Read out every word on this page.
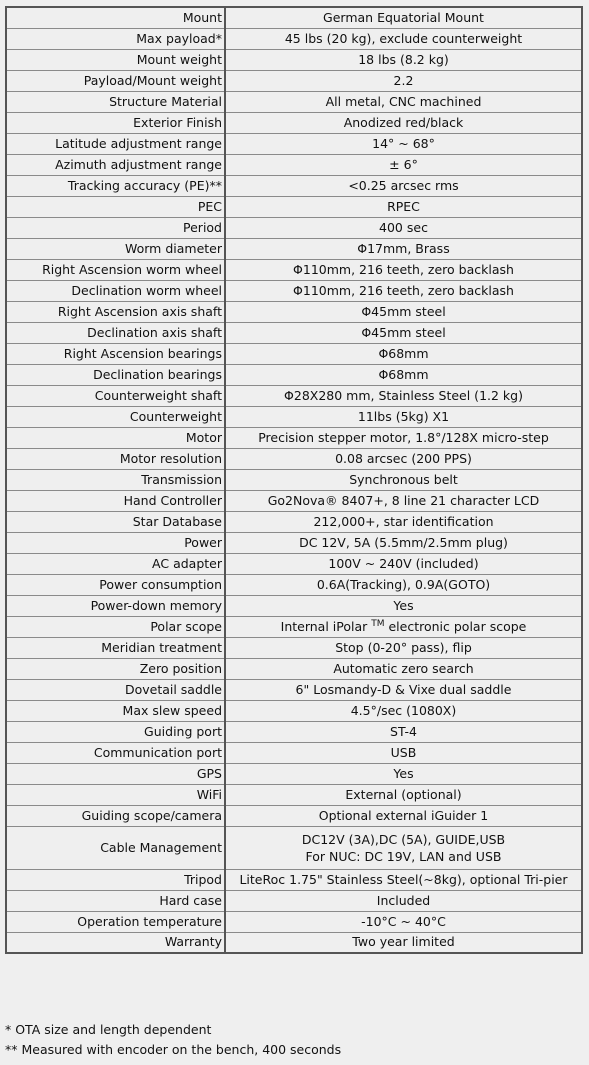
Mount	German Equatorial Mount
Max payload*	45 lbs (20 kg), exclude counterweight
Mount weight	18 lbs (8.2 kg)
Payload/Mount weight	2.2
Structure Material	All metal, CNC machined
Exterior Finish	Anodized red/black
Latitude adjustment range	14° ~ 68°
Azimuth adjustment range	± 6°
Tracking accuracy (PE)**	<0.25 arcsec rms
PEC	RPEC
Period	400 sec
Worm diameter	Φ17mm, Brass
Right Ascension worm wheel	Φ110mm, 216 teeth, zero backlash
Declination worm wheel	Φ110mm, 216 teeth, zero backlash
Right Ascension axis shaft	Φ45mm steel
Declination axis shaft	Φ45mm steel
Right Ascension bearings	Φ68mm
Declination bearings	Φ68mm
Counterweight shaft	Φ28X280 mm, Stainless Steel (1.2 kg)
Counterweight	11lbs (5kg) X1
Motor	Precision stepper motor, 1.8°/128X micro-step
Motor resolution	0.08 arcsec (200 PPS)
Transmission	Synchronous belt
Hand Controller	Go2Nova® 8407+, 8 line 21 character LCD
Star Database	212,000+, star identification
Power	DC 12V, 5A (5.5mm/2.5mm plug)
AC adapter	100V ~ 240V (included)
Power consumption	0.6A(Tracking), 0.9A(GOTO)
Power-down memory	Yes
Polar scope	Internal iPolar ™ electronic polar scope
Meridian treatment	Stop (0-20° pass), flip
Zero position	Automatic zero search
Dovetail saddle	6" Losmandy-D & Vixe dual saddle
Max slew speed	4.5°/sec (1080X)
Guiding port	ST-4
Communication port	USB
GPS	Yes
WiFi	External (optional)
Guiding scope/camera	Optional external iGuider 1
Cable Management	DC12V (3A),DC (5A), GUIDE,USB
For NUC: DC 19V, LAN and USB

Tripod	LiteRoc 1.75" Stainless Steel(~8kg), optional Tri-pier
Hard case	Included
Operation temperature	-10°C ~ 40°C
Warranty	Two year limited
* OTA size and length dependent
** Measured with encoder on the bench, 400 seconds
